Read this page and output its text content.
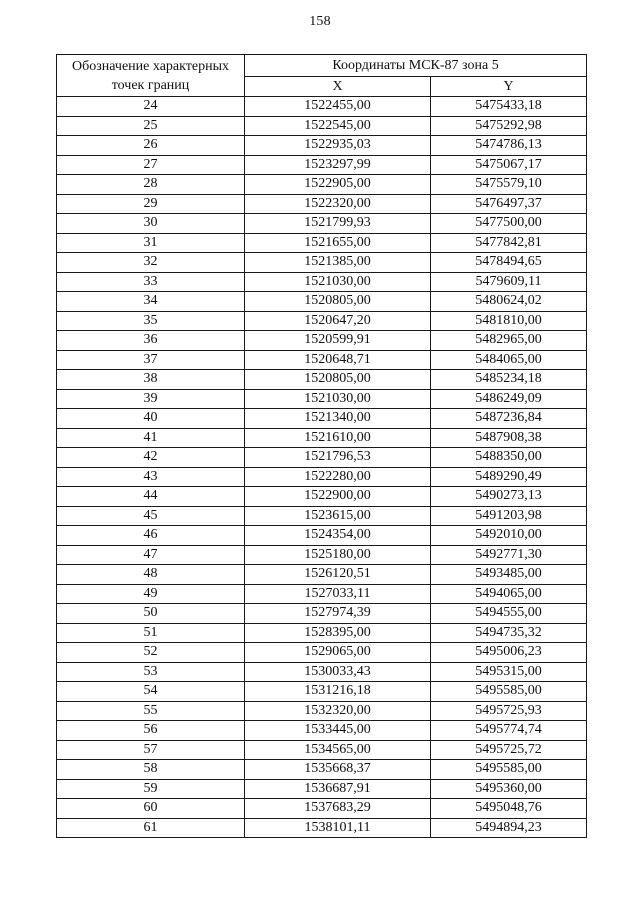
158
Обозначение характерных точек границ	Координаты МСК-87 зона 5	
	X	Y
24	1522455,00	5475433,18
25	1522545,00	5475292,98
26	1522935,03	5474786,13
27	1523297,99	5475067,17
28	1522905,00	5475579,10
29	1522320,00	5476497,37
30	1521799,93	5477500,00
31	1521655,00	5477842,81
32	1521385,00	5478494,65
33	1521030,00	5479609,11
34	1520805,00	5480624,02
35	1520647,20	5481810,00
36	1520599,91	5482965,00
37	1520648,71	5484065,00
38	1520805,00	5485234,18
39	1521030,00	5486249,09
40	1521340,00	5487236,84
41	1521610,00	5487908,38
42	1521796,53	5488350,00
43	1522280,00	5489290,49
44	1522900,00	5490273,13
45	1523615,00	5491203,98
46	1524354,00	5492010,00
47	1525180,00	5492771,30
48	1526120,51	5493485,00
49	1527033,11	5494065,00
50	1527974,39	5494555,00
51	1528395,00	5494735,32
52	1529065,00	5495006,23
53	1530033,43	5495315,00
54	1531216,18	5495585,00
55	1532320,00	5495725,93
56	1533445,00	5495774,74
57	1534565,00	5495725,72
58	1535668,37	5495585,00
59	1536687,91	5495360,00
60	1537683,29	5495048,76
61	1538101,11	5494894,23
